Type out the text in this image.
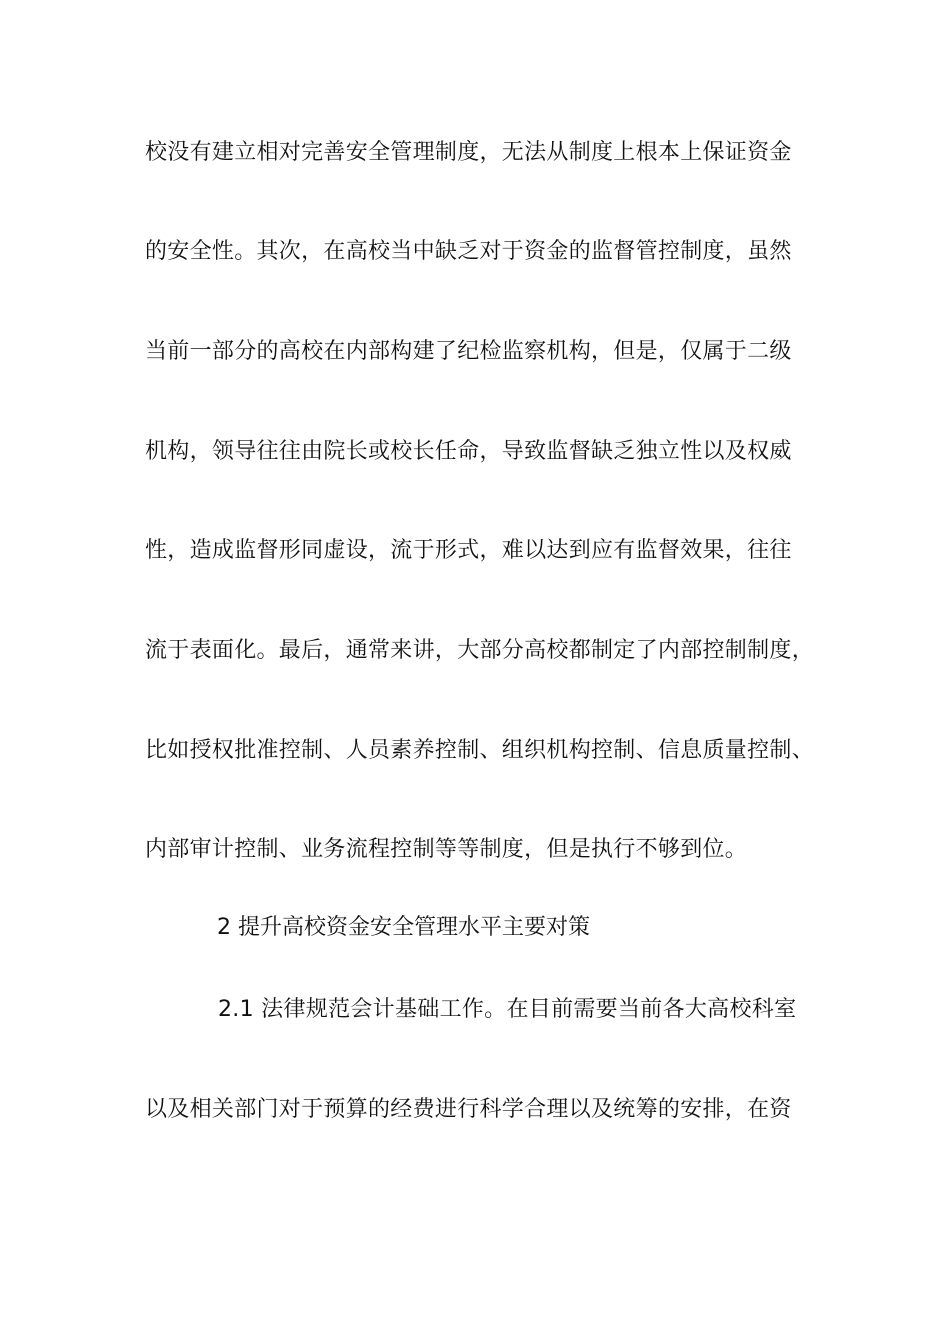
校没有建立相对完善安全管理制度，无法从制度上根本上保证资金
的安全性。其次，在高校当中缺乏对于资金的监督管控制度，虽然
当前一部分的高校在内部构建了纪检监察机构，但是，仅属于二级
机构，领导往往由院长或校长任命，导致监督缺乏独立性以及权威
性，造成监督形同虚设，流于形式，难以达到应有监督效果，往往
流于表面化。最后，通常来讲，大部分高校都制定了内部控制制度，
比如授权批准控制、人员素养控制、组织机构控制、信息质量控制、
内部审计控制、业务流程控制等等制度，但是执行不够到位。
2 提升高校资金安全管理水平主要对策
2.1 法律规范会计基础工作。在目前需要当前各大高校科室
以及相关部门对于预算的经费进行科学合理以及统筹的安排，在资
